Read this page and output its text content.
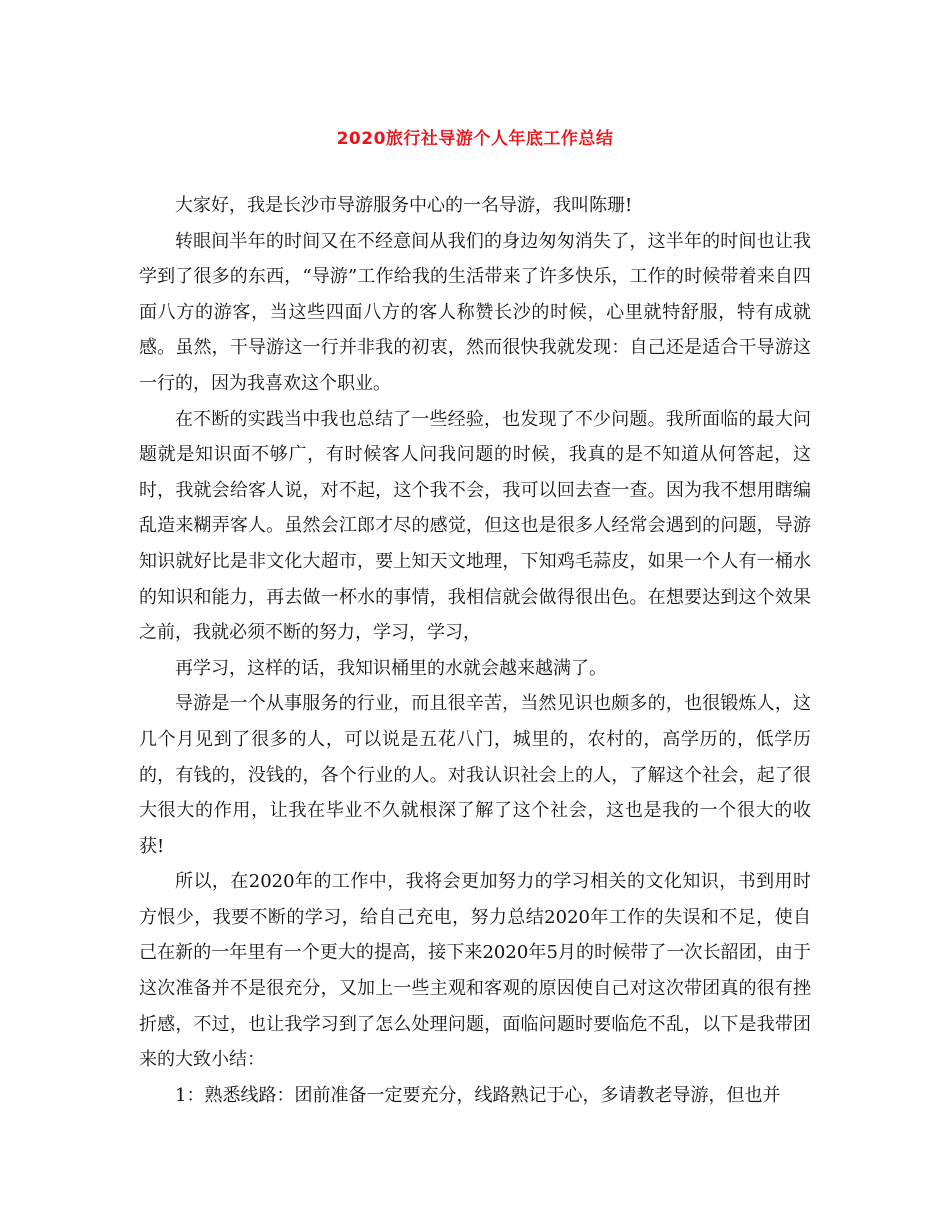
2020旅行社导游个人年底工作总结

大家好，我是长沙市导游服务中心的一名导游，我叫陈珊!

转眼间半年的时间又在不经意间从我们的身边匆匆消失了，这半年的时间也让我学到了很多的东西，“导游”工作给我的生活带来了许多快乐，工作的时候带着来自四面八方的游客，当这些四面八方的客人称赞长沙的时候，心里就特舒服，特有成就感。虽然，干导游这一行并非我的初衷，然而很快我就发现：自己还是适合干导游这一行的，因为我喜欢这个职业。

在不断的实践当中我也总结了一些经验，也发现了不少问题。我所面临的最大问题就是知识面不够广，有时候客人问我问题的时候，我真的是不知道从何答起，这时，我就会给客人说，对不起，这个我不会，我可以回去查一查。因为我不想用瞎编乱造来糊弄客人。虽然会江郎才尽的感觉，但这也是很多人经常会遇到的问题，导游知识就好比是非文化大超市，要上知天文地理，下知鸡毛蒜皮，如果一个人有一桶水的知识和能力，再去做一杯水的事情，我相信就会做得很出色。在想要达到这个效果之前，我就必须不断的努力，学习，学习，

再学习，这样的话，我知识桶里的水就会越来越满了。

导游是一个从事服务的行业，而且很辛苦，当然见识也颇多的，也很锻炼人，这几个月见到了很多的人，可以说是五花八门，城里的，农村的，高学历的，低学历的，有钱的，没钱的，各个行业的人。对我认识社会上的人，了解这个社会，起了很大很大的作用，让我在毕业不久就根深了解了这个社会，这也是我的一个很大的收获!

所以，在2020年的工作中，我将会更加努力的学习相关的文化知识，书到用时方恨少，我要不断的学习，给自己充电，努力总结2020年工作的失误和不足，使自己在新的一年里有一个更大的提高，接下来2020年5月的时候带了一次长韶团，由于这次准备并不是很充分，又加上一些主观和客观的原因使自己对这次带团真的很有挫折感，不过，也让我学习到了怎么处理问题，面临问题时要临危不乱，以下是我带团来的大致小结：

1：熟悉线路：团前准备一定要充分，线路熟记于心，多请教老导游，但也并
